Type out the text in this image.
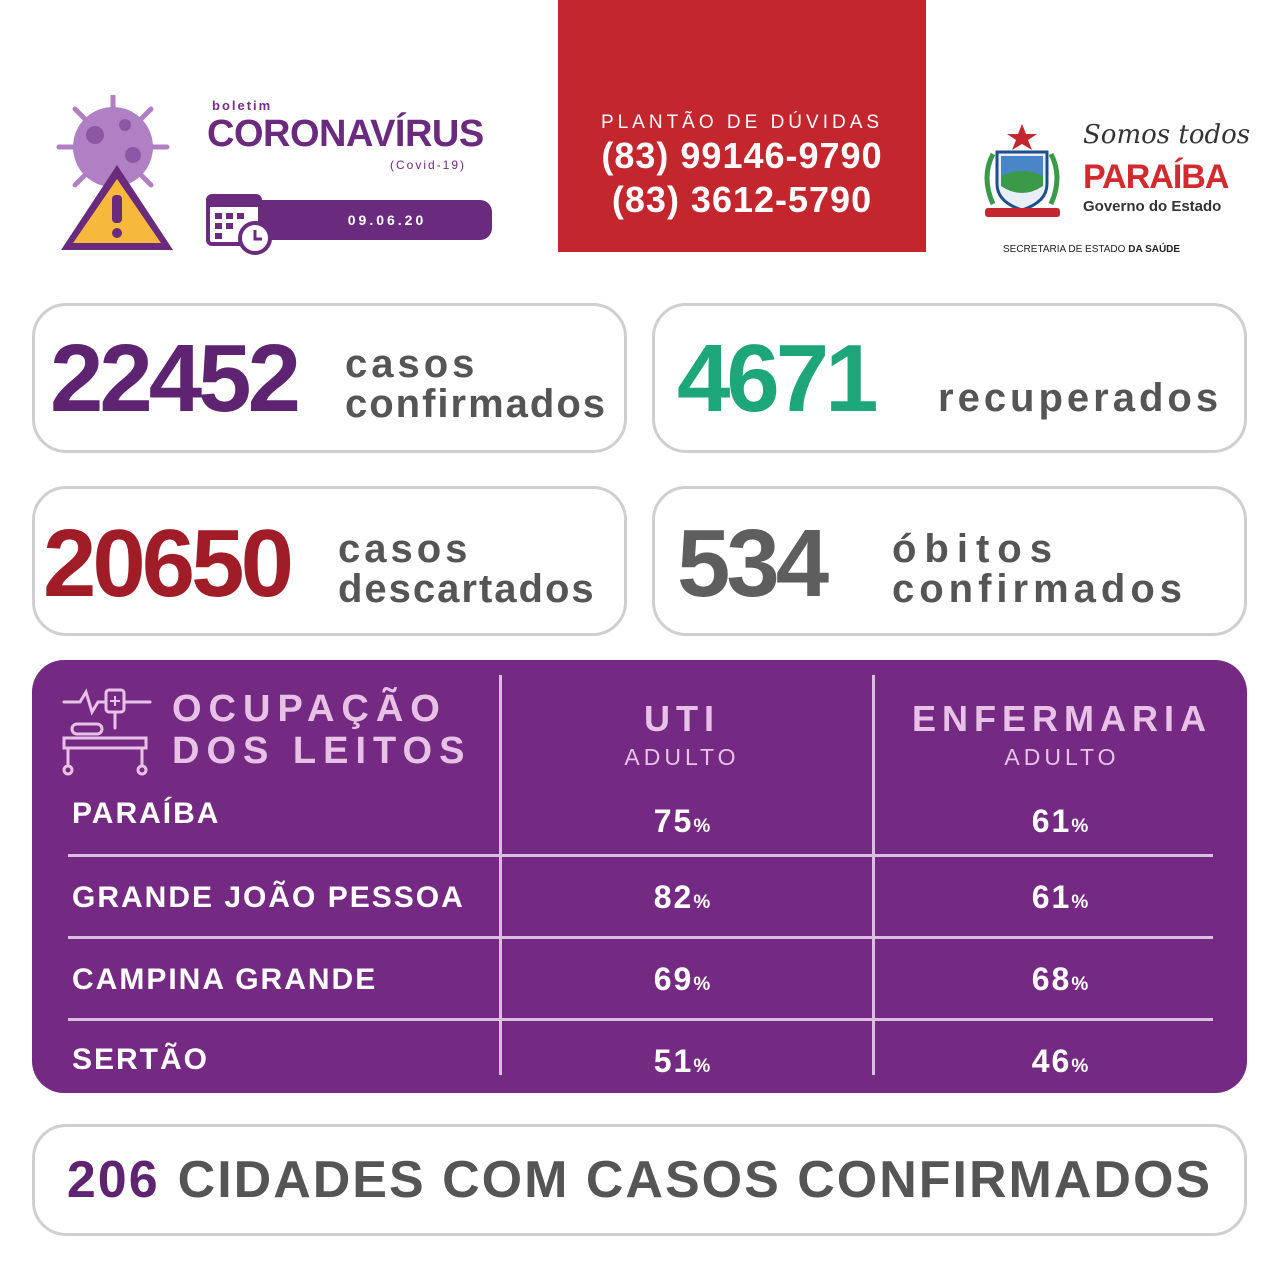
boletim
CORONAVÍRUS
(Covid-19)
09.06.20
PLANTÃO DE DÚVIDAS
(83) 99146-9790
(83) 3612-5790
Somos todos
PARAÍBA
Governo do Estado
SECRETARIA DE ESTADO DA SAÚDE
22452 casos
confirmados 4671 recuperados
20650 casos
descartados 534 óbitos
confirmados
OCUPAÇÃO
DOS LEITOS
UTI
ADULTO
ENFERMARIA
ADULTO
PARAÍBA	75%	61%
GRANDE JOÃO PESSOA	82%	61%
CAMPINA GRANDE	69%	68%
SERTÃO	51%	46%
206 CIDADES COM CASOS CONFIRMADOS
